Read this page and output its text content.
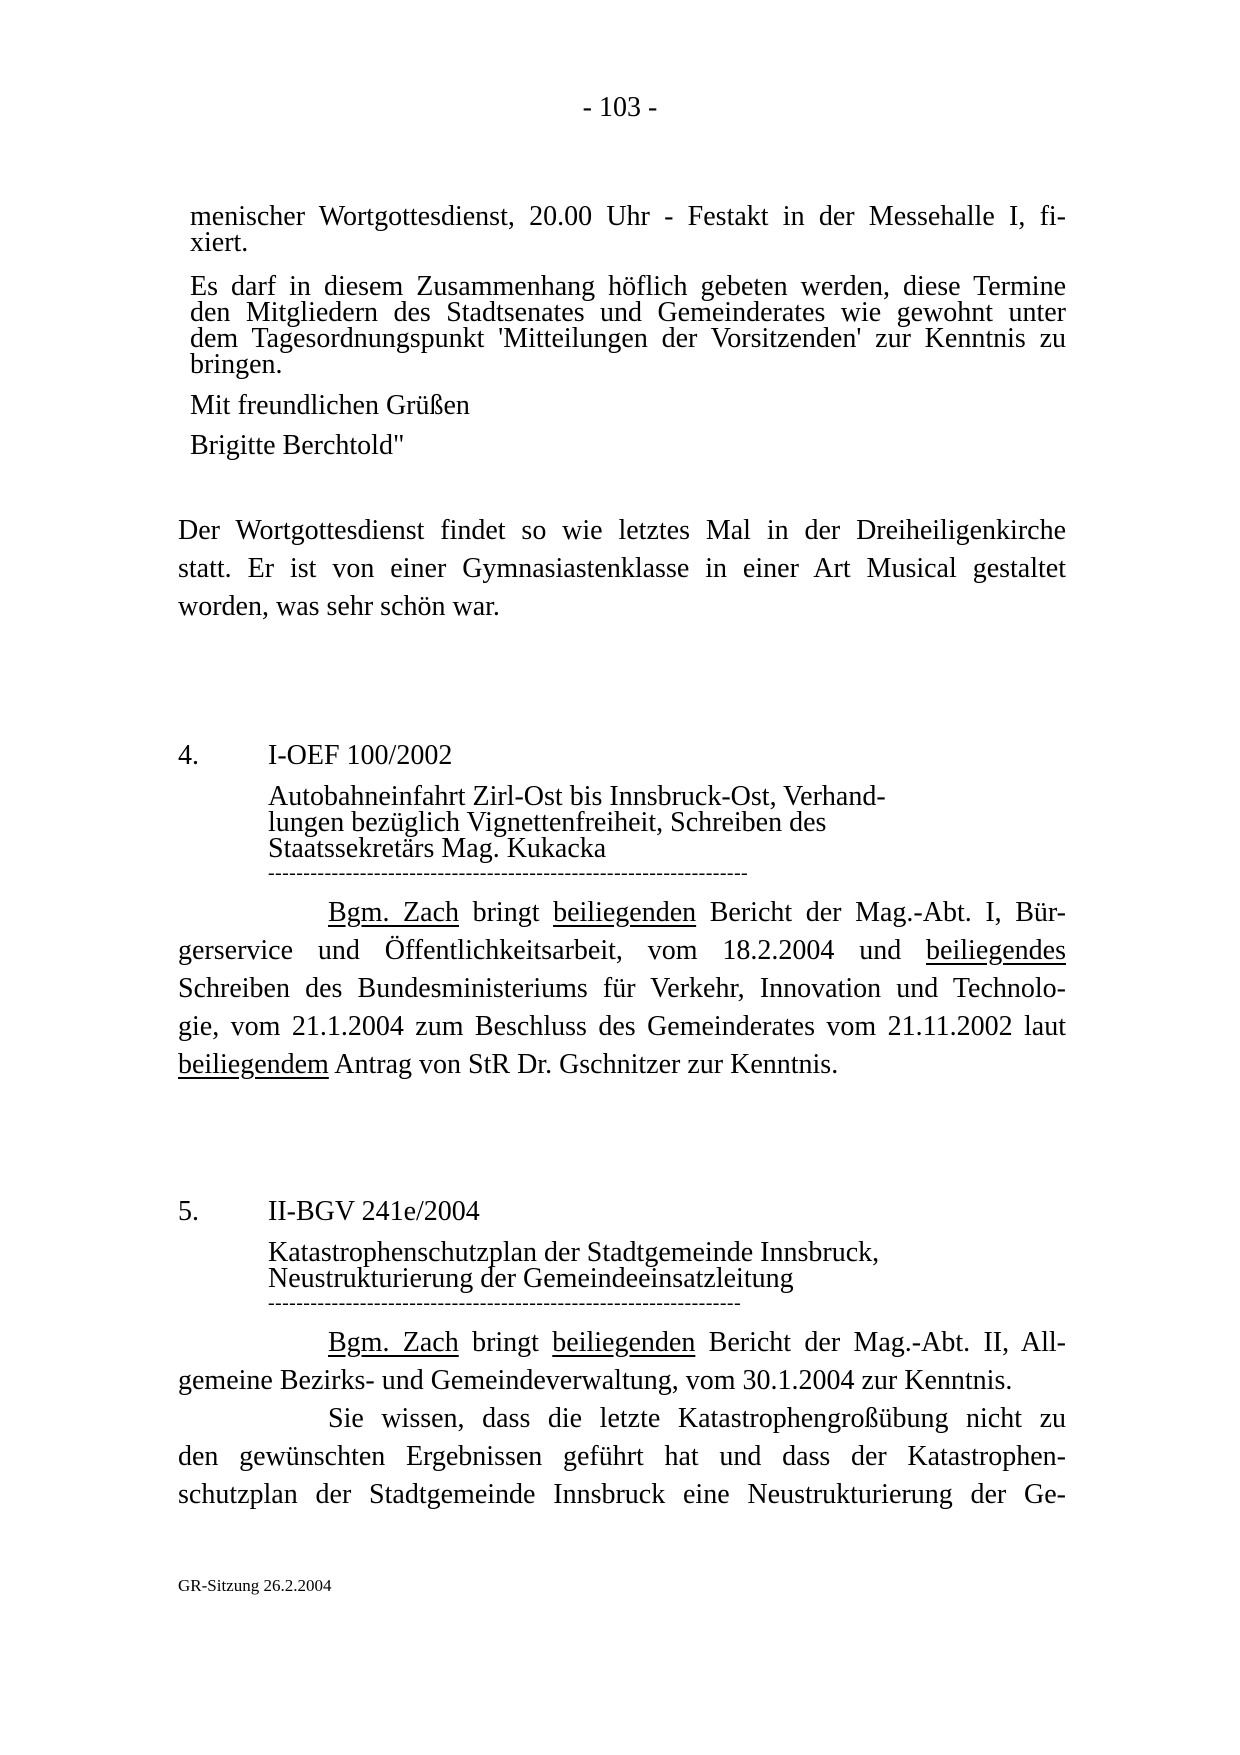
- 103 -

menischer Wortgottesdienst, 20.00 Uhr - Festakt in der Messehalle I, fi-

xiert.

Es darf in diesem Zusammenhang höflich gebeten werden, diese Termine

den Mitgliedern des Stadtsenates und Gemeinderates wie gewohnt unter

dem Tagesordnungspunkt 'Mitteilungen der Vorsitzenden' zur Kenntnis zu

bringen.

Mit freundlichen Grüßen
Brigitte Berchtold"
Der Wortgottesdienst findet so wie letztes Mal in der Dreiheiligenkirche
statt. Er ist von einer Gymnasiastenklasse in einer Art Musical gestaltet
worden, was sehr schön war.
4. I-OEF 100/2002
Autobahneinfahrt Zirl-Ost bis Innsbruck-Ost, Verhand-
lungen bezüglich Vignettenfreiheit, Schreiben des
Staatssekretärs Mag. Kukacka
--------------------------------------------------------------------
Bgm. Zach bringt beiliegenden Bericht der Mag.-Abt. I, Bür-
gerservice und Öffentlichkeitsarbeit, vom 18.2.2004 und beiliegendes
Schreiben des Bundesministeriums für Verkehr, Innovation und Technolo-
gie, vom 21.1.2004 zum Beschluss des Gemeinderates vom 21.11.2002 laut
beiliegendem Antrag von StR Dr. Gschnitzer zur Kenntnis.
5. II-BGV 241e/2004
Katastrophenschutzplan der Stadtgemeinde Innsbruck,
Neustrukturierung der Gemeindeeinsatzleitung
-------------------------------------------------------------------
Bgm. Zach bringt beiliegenden Bericht der Mag.-Abt. II, All-
gemeine Bezirks- und Gemeindeverwaltung, vom 30.1.2004 zur Kenntnis.
Sie wissen, dass die letzte Katastrophengroßübung nicht zu
den gewünschten Ergebnissen geführt hat und dass der Katastrophen-
schutzplan der Stadtgemeinde Innsbruck eine Neustrukturierung der Ge-
GR-Sitzung 26.2.2004
